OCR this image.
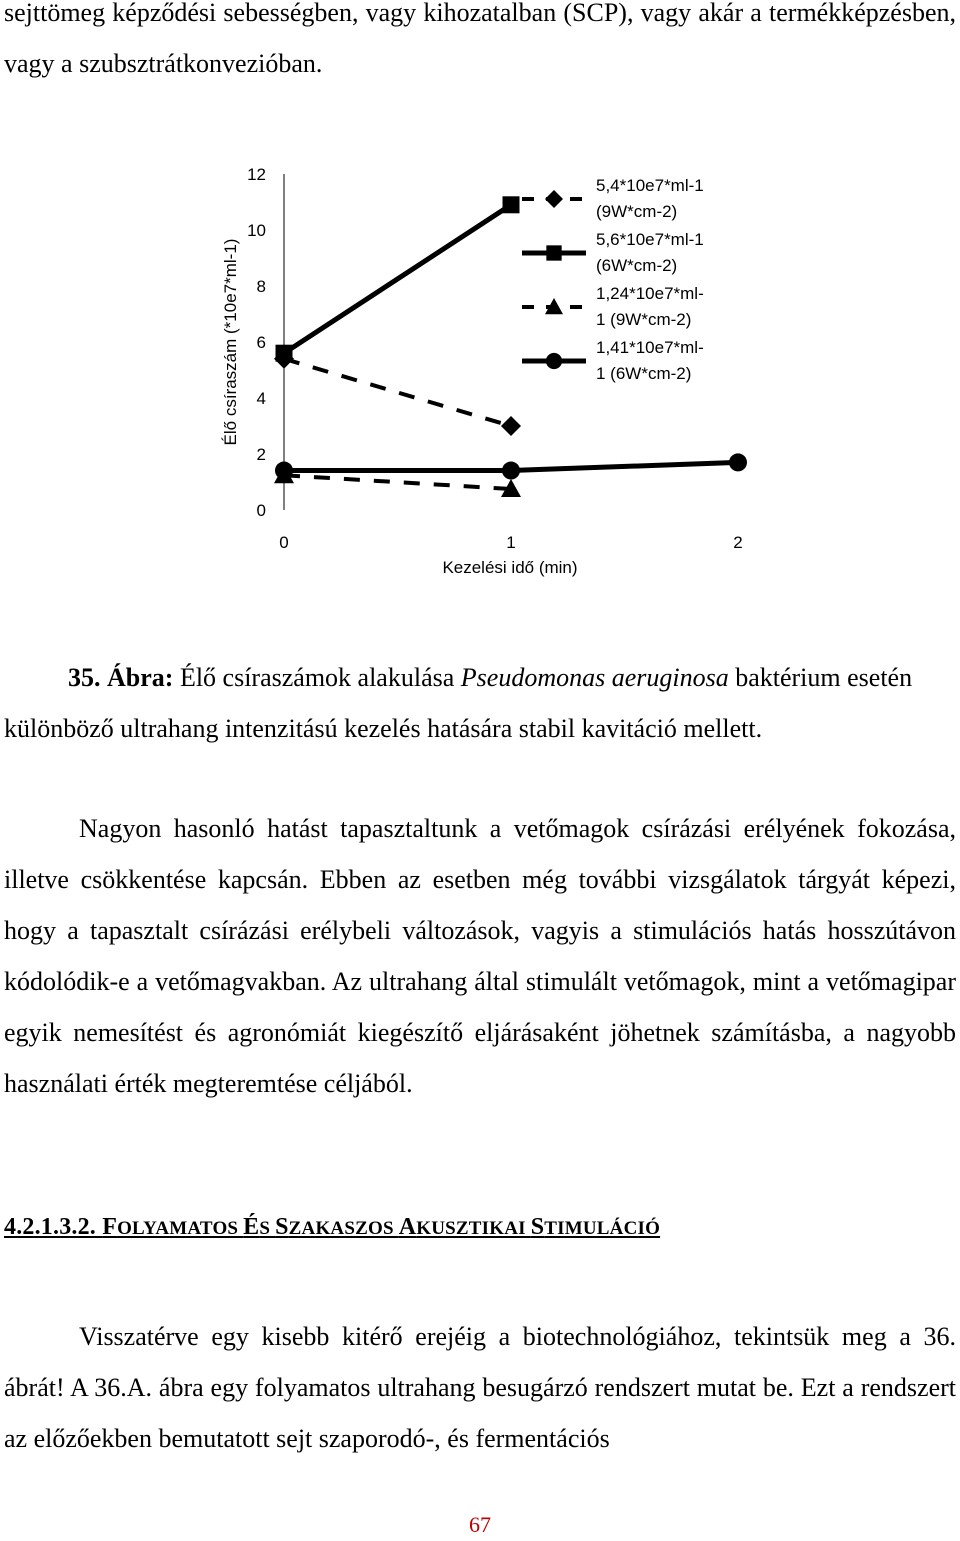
sejttömeg képződési sebességben, vagy kihozatalban (SCP), vagy akár a termékképzésben, vagy a szubsztrátkonvezióban.

0
2
4
6
8
10
12
0	1	2
Kezelési idő (min)
Élő csíraszám (*10e7*ml-1)
5,4*10e7*ml-1
(9W*cm-2)
5,6*10e7*ml-1
(6W*cm-2)
1,24*10e7*ml-
1 (9W*cm-2)
1,41*10e7*ml-
1 (6W*cm-2)

35. Ábra: Élő csíraszámok alakulása Pseudomonas aeruginosa baktérium esetén különböző ultrahang intenzitású kezelés hatására stabil kavitáció mellett.

Nagyon hasonló hatást tapasztaltunk a vetőmagok csírázási erélyének fokozása, illetve csökkentése kapcsán. Ebben az esetben még további vizsgálatok tárgyát képezi, hogy a tapasztalt csírázási erélybeli változások, vagyis a stimulációs hatás hosszútávon kódolódik-e a vetőmagvakban. Az ultrahang által stimulált vetőmagok, mint a vetőmagipar egyik nemesítést és agronómiát kiegészítő eljárásaként jöhetnek számításba, a nagyobb használati érték megteremtése céljából.

4.2.1.3.2. FOLYAMATOS ÉS SZAKASZOS AKUSZTIKAI STIMULÁCIÓ

Visszatérve egy kisebb kitérő erejéig a biotechnológiához, tekintsük meg a 36. ábrát! A 36.A. ábra egy folyamatos ultrahang besugárzó rendszert mutat be. Ezt a rendszert az előzőekben bemutatott sejt szaporodó-, és fermentációs

67
